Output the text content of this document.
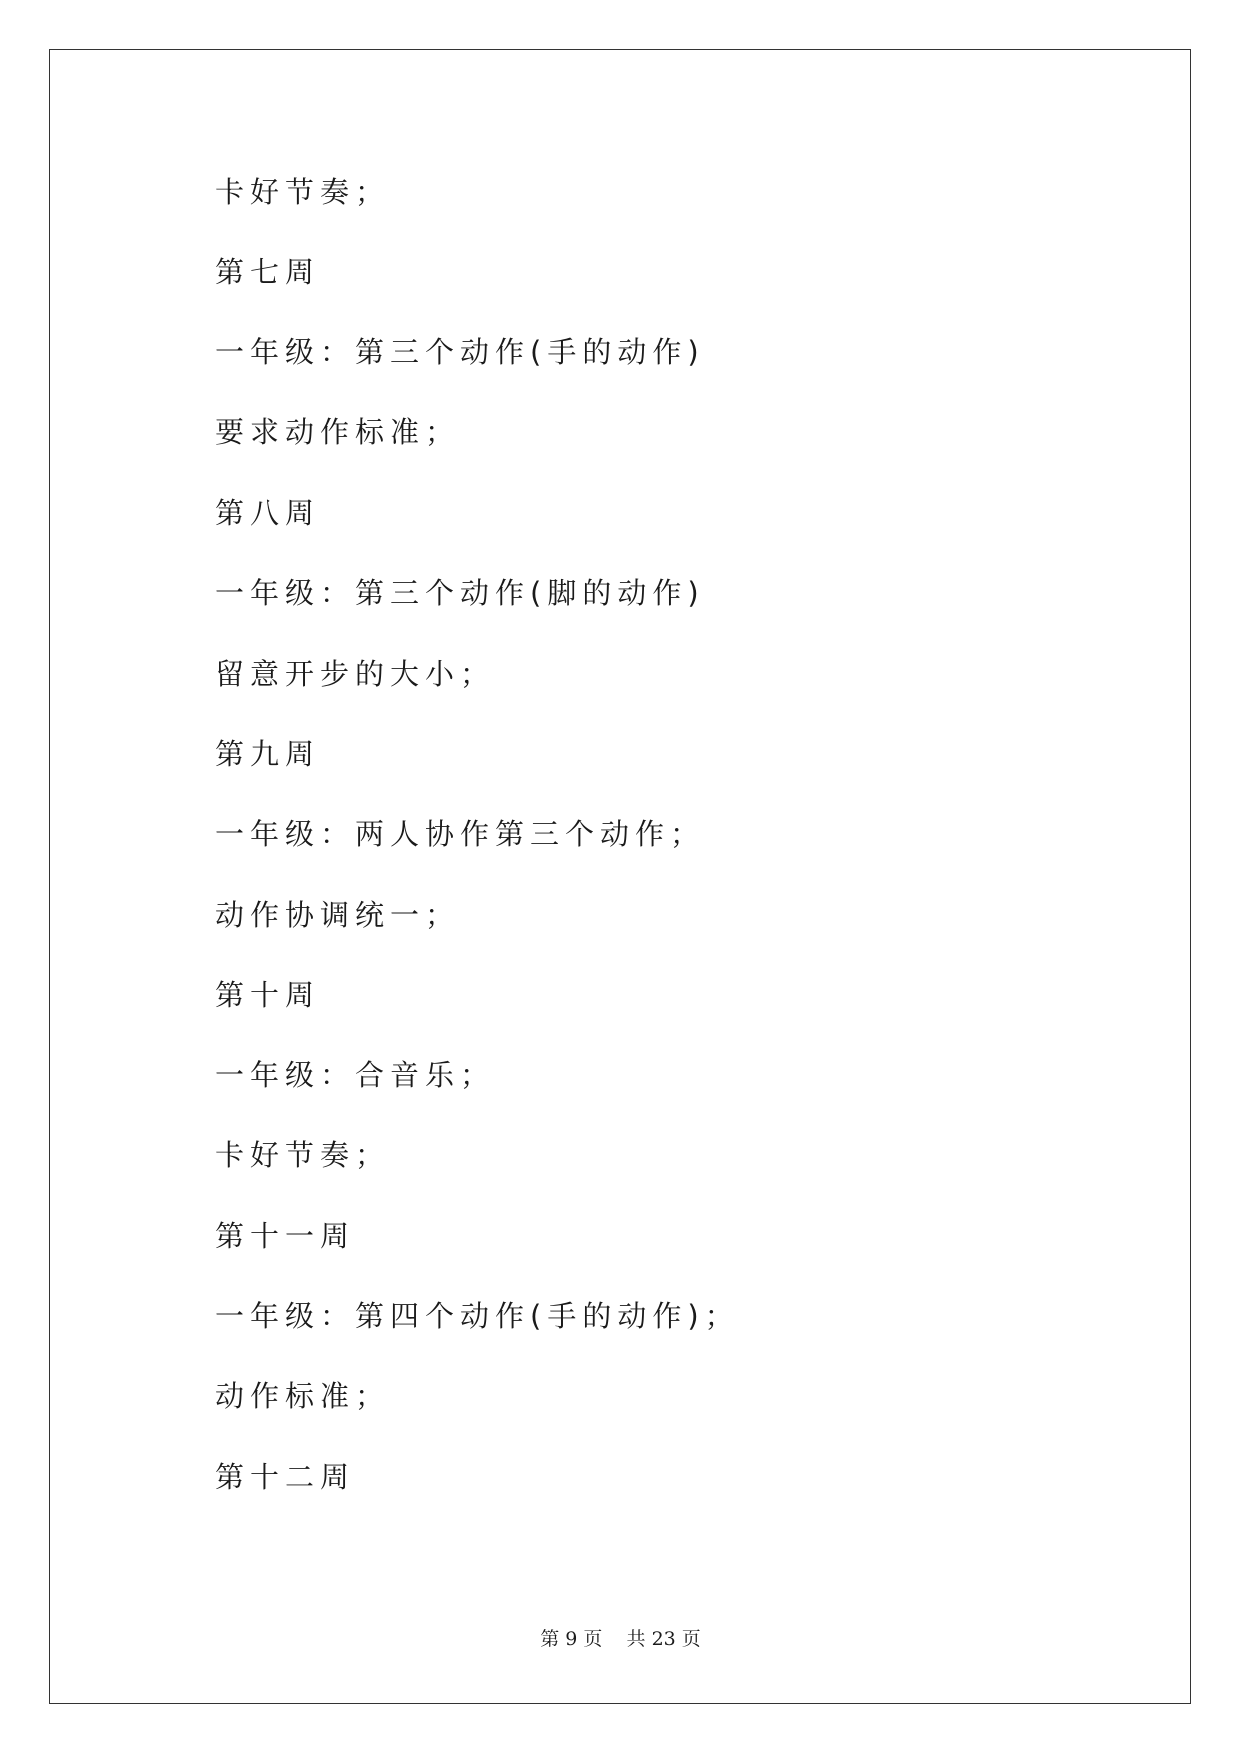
卡好节奏；
第七周
一年级：第三个动作(手的动作)
要求动作标准；
第八周
一年级：第三个动作(脚的动作)
留意开步的大小；
第九周
一年级：两人协作第三个动作；
动作协调统一；
第十周
一年级：合音乐；
卡好节奏；
第十一周
一年级：第四个动作(手的动作)；
动作标准；
第十二周
第 9 页    共 23 页
